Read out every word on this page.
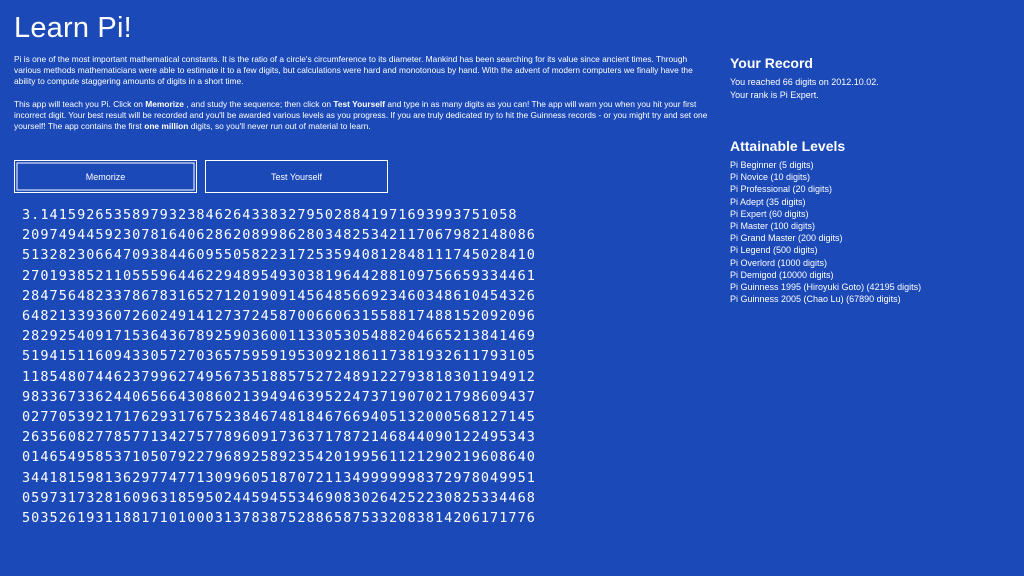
Learn Pi!

Pi is one of the most important mathematical constants. It is the ratio of a circle's circumference to its diameter. Mankind has been searching for its value since ancient times. Through various methods mathematicians were able to estimate it to a few digits, but calculations were hard and monotonous by hand. With the advent of modern computers we finally have the ability to compute staggering amounts of digits in a short time.

This app will teach you Pi. Click on Memorize , and study the sequence; then click on Test Yourself and type in as many digits as you can! The app will warn you when you hit your first incorrect digit. Your best result will be recorded and you'll be awarded various levels as you progress. If you are truly dedicated try to hit the Guinness records - or you might try and set one yourself! The app contains the first one million digits, so you'll never run out of material to learn.

Memorize	Test Yourself
3.1415926535897932384626433832795028841971693993751058
20974944592307816406286208998628034825342117067982148086
51328230664709384460955058223172535940812848111745028410
27019385211055596446229489549303819644288109756659334461
28475648233786783165271201909145648566923460348610454326
64821339360726024914127372458700660631558817488152092096
28292540917153643678925903600113305305488204665213841469
51941511609433057270365759591953092186117381932611793105
11854807446237996274956735188575272489122793818301194912
98336733624406566430860213949463952247371907021798609437
02770539217176293176752384674818467669405132000568127145
26356082778577134275778960917363717872146844090122495343
01465495853710507922796892589235420199561121290219608640
34418159813629774771309960518707211349999998372978049951
05973173281609631859502445945534690830264252230825334468
50352619311881710100031378387528865875332083814206171776
Your Record
You reached 66 digits on 2012.10.02.
Your rank is Pi Expert.
Attainable Levels
Pi Beginner (5 digits)
Pi Novice (10 digits)
Pi Professional (20 digits)
Pi Adept (35 digits)
Pi Expert (60 digits)
Pi Master (100 digits)
Pi Grand Master (200 digits)
Pi Legend (500 digits)
Pi Overlord (1000 digits)
Pi Demigod (10000 digits)
Pi Guinness 1995 (Hiroyuki Goto) (42195 digits)
Pi Guinness 2005 (Chao Lu) (67890 digits)
